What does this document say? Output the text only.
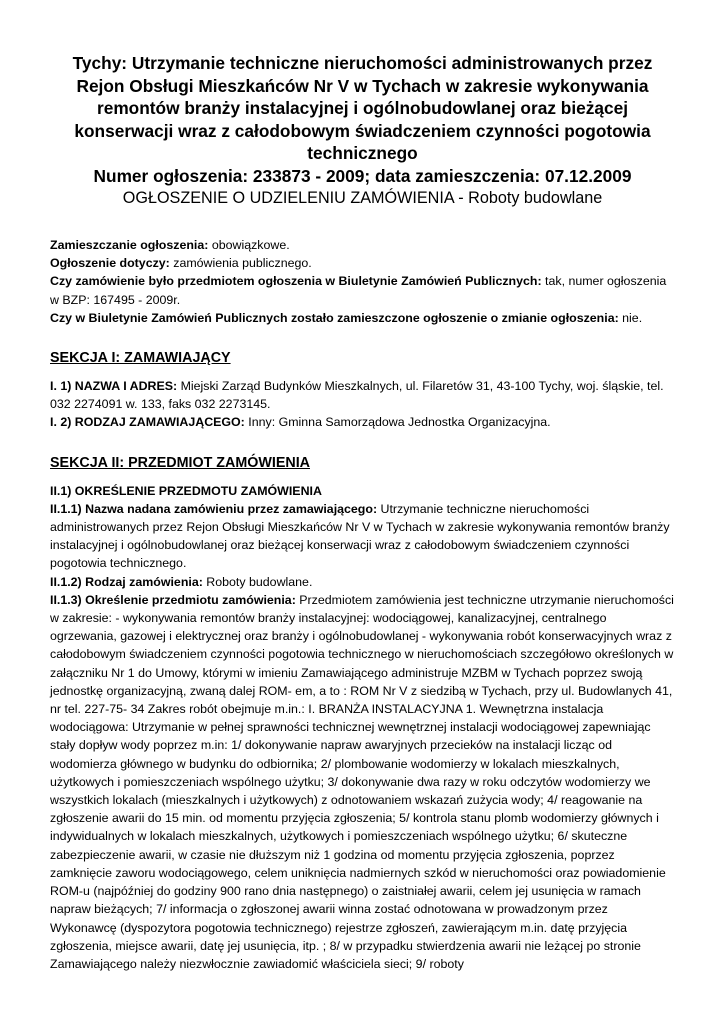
Tychy: Utrzymanie techniczne nieruchomości administrowanych przez Rejon Obsługi Mieszkańców Nr V w Tychach w zakresie wykonywania remontów branży instalacyjnej i ogólnobudowlanej oraz bieżącej konserwacji wraz z całodobowym świadczeniem czynności pogotowia technicznego

Numer ogłoszenia: 233873 - 2009; data zamieszczenia: 07.12.2009

OGŁOSZENIE O UDZIELENIU ZAMÓWIENIA - Roboty budowlane

Zamieszczanie ogłoszenia: obowiązkowe.

Ogłoszenie dotyczy: zamówienia publicznego.

Czy zamówienie było przedmiotem ogłoszenia w Biuletynie Zamówień Publicznych: tak, numer ogłoszenia w BZP: 167495 - 2009r.

Czy w Biuletynie Zamówień Publicznych zostało zamieszczone ogłoszenie o zmianie ogłoszenia: nie.

SEKCJA I: ZAMAWIAJĄCY

I. 1) NAZWA I ADRES: Miejski Zarząd Budynków Mieszkalnych, ul. Filaretów 31, 43-100 Tychy, woj. śląskie, tel. 032 2274091 w. 133, faks 032 2273145.

I. 2) RODZAJ ZAMAWIAJĄCEGO: Inny: Gminna Samorządowa Jednostka Organizacyjna.

SEKCJA II: PRZEDMIOT ZAMÓWIENIA

II.1) OKREŚLENIE PRZEDMOTU ZAMÓWIENIA

II.1.1) Nazwa nadana zamówieniu przez zamawiającego: Utrzymanie techniczne nieruchomości administrowanych przez Rejon Obsługi Mieszkańców Nr V w Tychach w zakresie wykonywania remontów branży instalacyjnej i ogólnobudowlanej oraz bieżącej konserwacji wraz z całodobowym świadczeniem czynności pogotowia technicznego.

II.1.2) Rodzaj zamówienia: Roboty budowlane.

II.1.3) Określenie przedmiotu zamówienia: Przedmiotem zamówienia jest techniczne utrzymanie nieruchomości w zakresie: - wykonywania remontów branży instalacyjnej: wodociągowej, kanalizacyjnej, centralnego ogrzewania, gazowej i elektrycznej oraz branży i ogólnobudowlanej - wykonywania robót konserwacyjnych wraz z całodobowym świadczeniem czynności pogotowia technicznego w nieruchomościach szczegółowo określonych w załączniku Nr 1 do Umowy, którymi w imieniu Zamawiającego administruje MZBM w Tychach poprzez swoją jednostkę organizacyjną, zwaną dalej ROM- em, a to : ROM Nr V z siedzibą w Tychach, przy ul. Budowlanych 41, nr tel. 227-75- 34 Zakres robót obejmuje m.in.: I. BRANŻA INSTALACYJNA 1. Wewnętrzna instalacja wodociągowa: Utrzymanie w pełnej sprawności technicznej wewnętrznej instalacji wodociągowej zapewniając stały dopływ wody poprzez m.in: 1/ dokonywanie napraw awaryjnych przecieków na instalacji licząc od wodomierza głównego w budynku do odbiornika; 2/ plombowanie wodomierzy w lokalach mieszkalnych, użytkowych i pomieszczeniach wspólnego użytku; 3/ dokonywanie dwa razy w roku odczytów wodomierzy we wszystkich lokalach (mieszkalnych i użytkowych) z odnotowaniem wskazań zużycia wody; 4/ reagowanie na zgłoszenie awarii do 15 min. od momentu przyjęcia zgłoszenia; 5/ kontrola stanu plomb wodomierzy głównych i indywidualnych w lokalach mieszkalnych, użytkowych i pomieszczeniach wspólnego użytku; 6/ skuteczne zabezpieczenie awarii, w czasie nie dłuższym niż 1 godzina od momentu przyjęcia zgłoszenia, poprzez zamknięcie zaworu wodociągowego, celem uniknięcia nadmiernych szkód w nieruchomości oraz powiadomienie ROM-u (najpóźniej do godziny 900 rano dnia następnego) o zaistniałej awarii, celem jej usunięcia w ramach napraw bieżących; 7/ informacja o zgłoszonej awarii winna zostać odnotowana w prowadzonym przez Wykonawcę (dyspozytora pogotowia technicznego) rejestrze zgłoszeń, zawierającym m.in. datę przyjęcia zgłoszenia, miejsce awarii, datę jej usunięcia, itp. ; 8/ w przypadku stwierdzenia awarii nie leżącej po stronie Zamawiającego należy niezwłocznie zawiadomić właściciela sieci; 9/ roboty
